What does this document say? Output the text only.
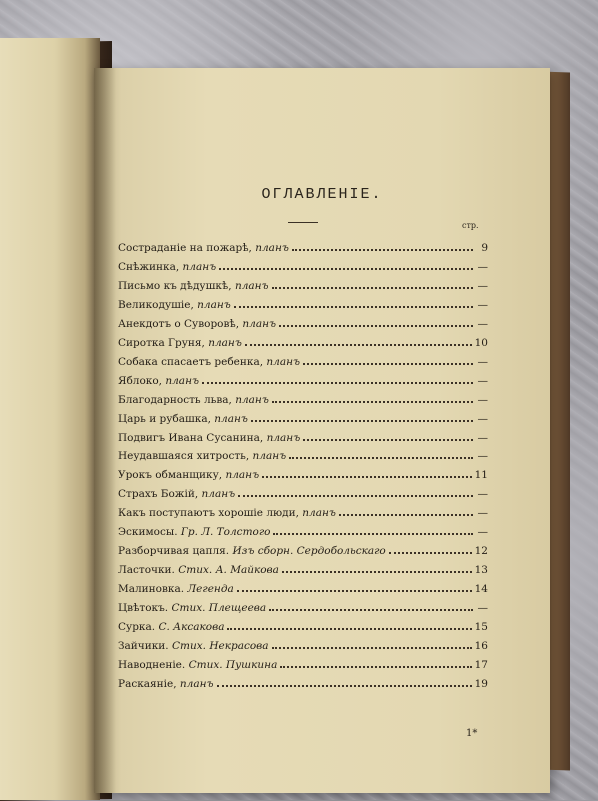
ОГЛАВЛЕНІЕ.
стр.
Состраданіе на пожарѣ, планъ	9
Снѣжинка, планъ	—
Письмо къ дѣдушкѣ, планъ	—
Великодушіе, планъ	—
Анекдотъ о Суворовѣ, планъ	—
Сиротка Груня, планъ	10
Собака спасаетъ ребенка, планъ	—
Яблоко, планъ	—
Благодарность льва, планъ	—
Царь и рубашка, планъ	—
Подвигъ Ивана Сусанина, планъ	—
Неудавшаяся хитрость, планъ	—
Урокъ обманщику, планъ	11
Страхъ Божій, планъ	—
Какъ поступаютъ хорошіе люди, планъ	—
Эскимосы. Гр. Л. Толстого	—
Разборчивая цапля. Изъ сборн. Сердобольскаго	12
Ласточки. Стих. А. Майкова	13
Малиновка. Легенда	14
Цвѣтокъ. Стих. Плещеева	—
Сурка. С. Аксакова	15
Зайчики. Стих. Некрасова	16
Наводненіе. Стих. Пушкина	17
Раскаяніе, планъ	19
1*
